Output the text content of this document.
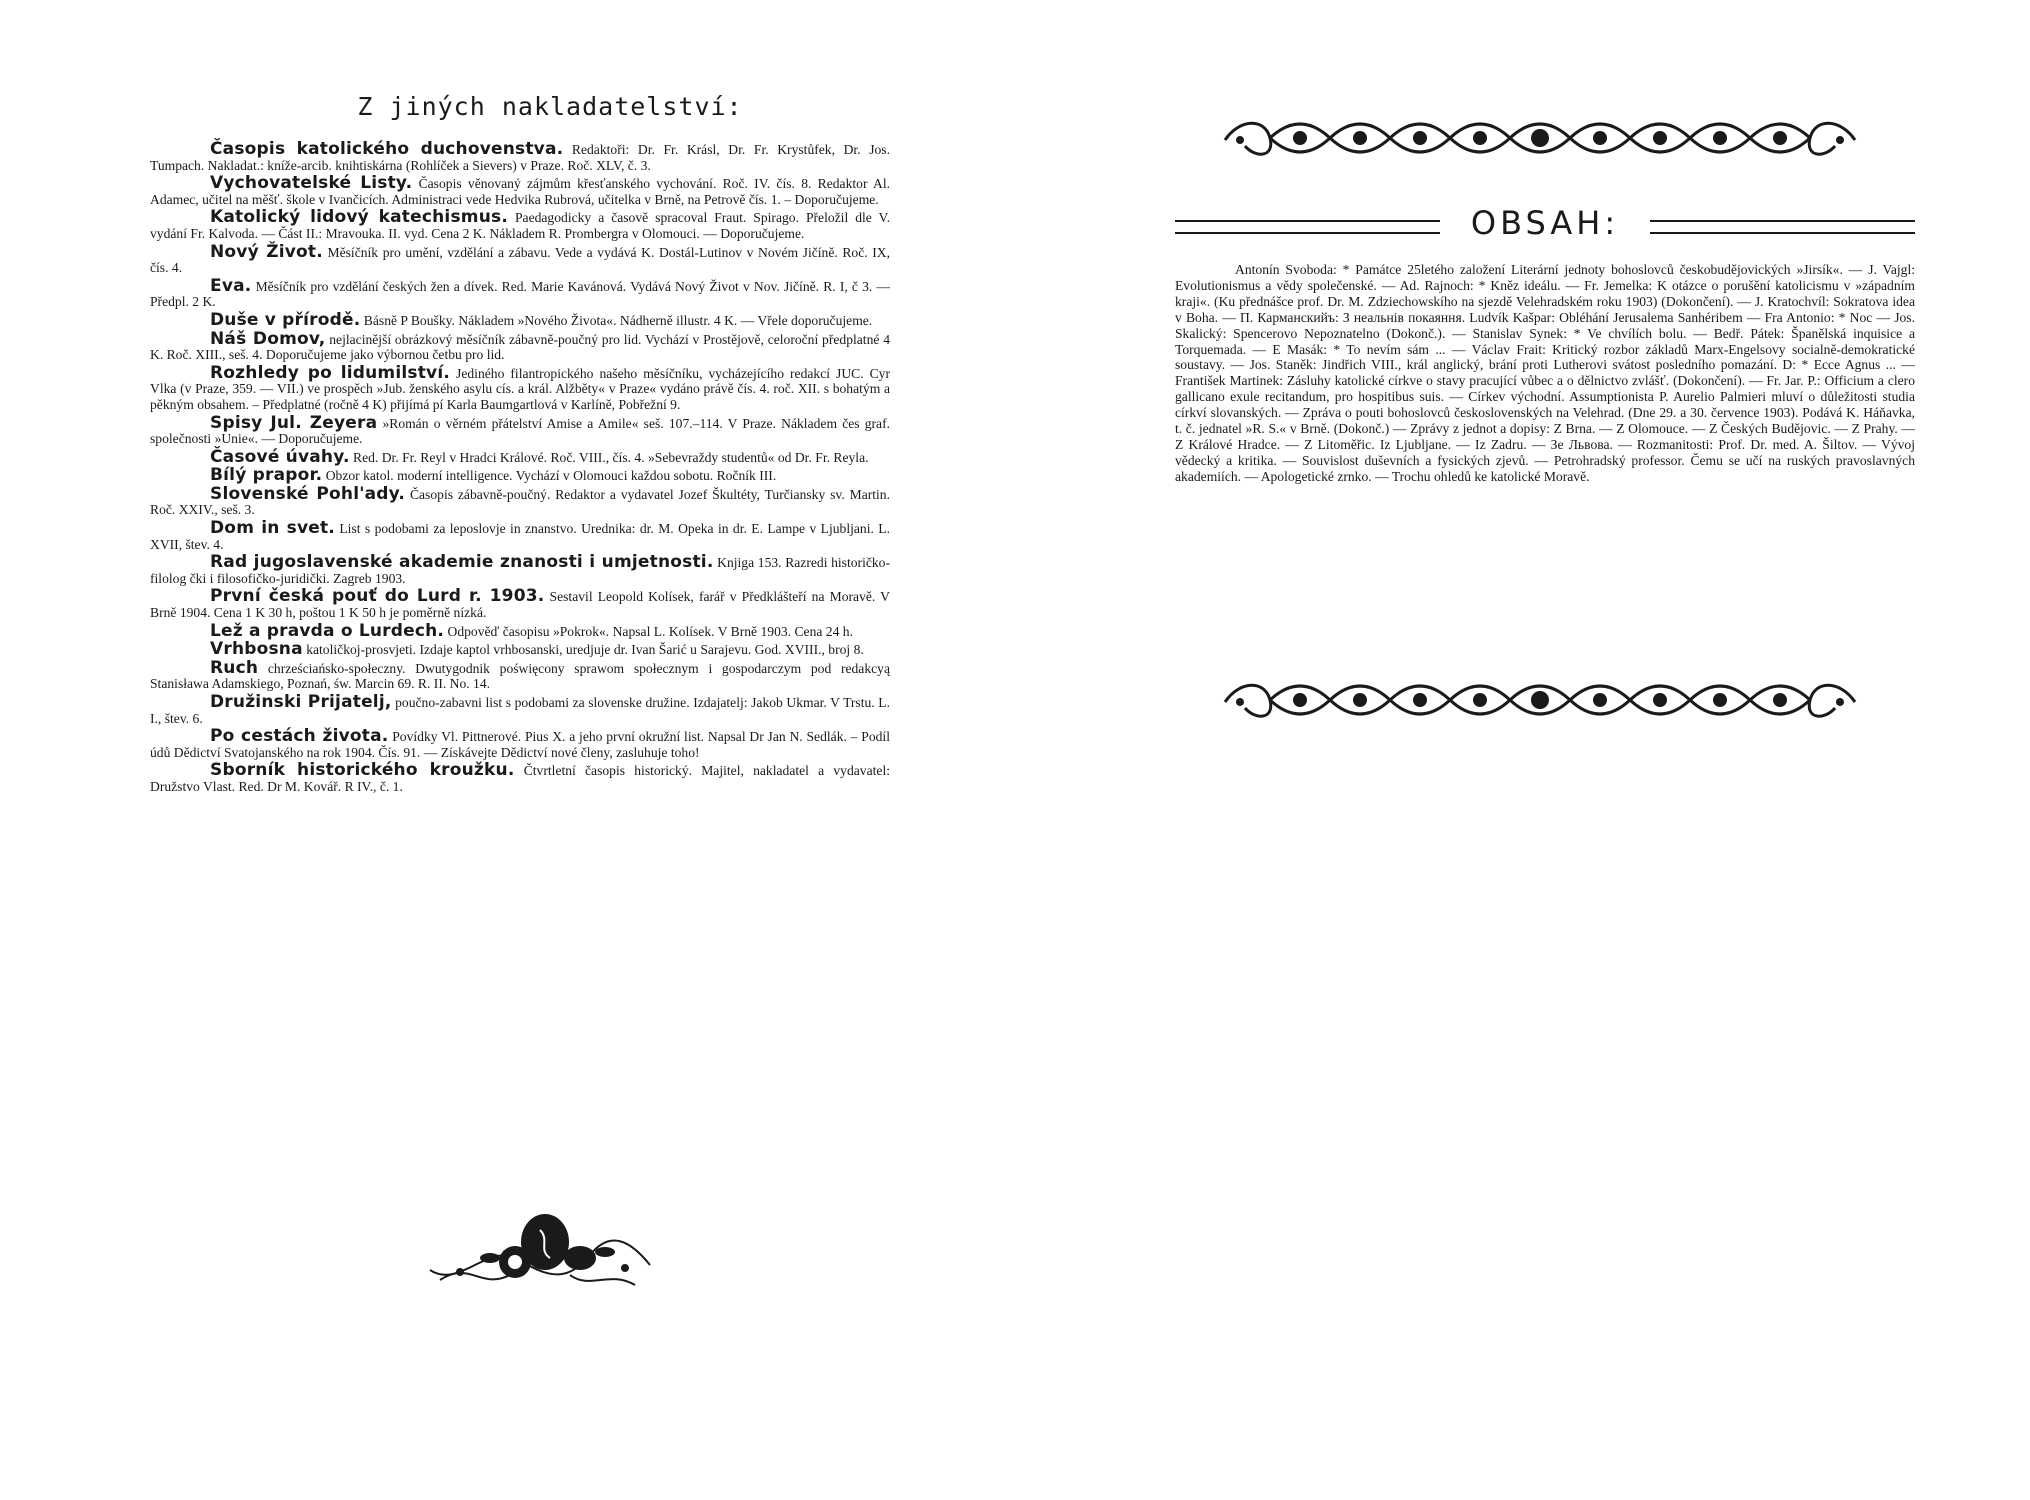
Z jiných nakladatelství:

Časopis katolického duchovenstva. Redaktoři: Dr. Fr. Krásl, Dr. Fr. Krystůfek, Dr. Jos. Tumpach. Nakladat.: kníže-arcib. knihtiskárna (Rohlíček a Sievers) v Praze. Roč. XLV, č. 3.

Vychovatelské Listy. Časopis věnovaný zájmům křesťanského vychování. Roč. IV. čís. 8. Redaktor Al. Adamec, učitel na měšť. škole v Ivančicích. Administraci vede Hedvika Rubrová, učitelka v Brně, na Petrově čís. 1. – Doporučujeme.

Katolický lidový katechismus. Paedagodicky a časově spracoval Fraut. Spirago. Přeložil dle V. vydání Fr. Kalvoda. — Část II.: Mravouka. II. vyd. Cena 2 K. Nákladem R. Prombergra v Olomouci. — Doporučujeme.

Nový Život. Měsíčník pro umění, vzdělání a zábavu. Vede a vydává K. Dostál-Lutinov v Novém Jičíně. Roč. IX, čís. 4.

Eva. Měsíčník pro vzdělání českých žen a dívek. Red. Marie Kavánová. Vydává Nový Život v Nov. Jičíně. R. I, č 3. — Předpl. 2 K.

Duše v přírodě. Básně P Boušky. Nákladem »Nového Života«. Nádherně illustr. 4 K. — Vřele doporučujeme.

Náš Domov, nejlacinější obrázkový měsíčník zábavně-poučný pro lid. Vychází v Prostějově, celoroční předplatné 4 K. Roč. XIII., seš. 4. Doporučujeme jako výbornou četbu pro lid.

Rozhledy po lidumilství. Jediného filantropického našeho měsíčníku, vycházejícího redakcí JUC. Cyr Vlka (v Praze, 359. — VII.) ve prospěch »Jub. ženského asylu cís. a král. Alžběty« v Praze« vydáno právě čís. 4. roč. XII. s bohatým a pěkným obsahem. – Předplatné (ročně 4 K) přijímá pí Karla Baumgartlová v Karlíně, Pobřežní 9.

Spisy Jul. Zeyera »Román o věrném přátelství Amise a Amile« seš. 107.–114. V Praze. Nákladem čes graf. společnosti »Unie«. — Doporučujeme.

Časové úvahy. Red. Dr. Fr. Reyl v Hradci Králové. Roč. VIII., čís. 4. »Sebevraždy studentů« od Dr. Fr. Reyla.

Bílý prapor. Obzor katol. moderní intelligence. Vychází v Olomouci každou sobotu. Ročník III.

Slovenské Pohl'ady. Časopis zábavně-poučný. Redaktor a vydavatel Jozef Škultéty, Turčiansky sv. Martin. Roč. XXIV., seš. 3.

Dom in svet. List s podobami za leposlovje in znanstvo. Urednika: dr. M. Opeka in dr. E. Lampe v Ljubljani. L. XVII, štev. 4.

Rad jugoslavenské akademie znanosti i umjetnosti. Knjiga 153. Razredi historičko-filolog čki i filosofičko-juridički. Zagreb 1903.

První česká pouť do Lurd r. 1903. Sestavil Leopold Kolísek, farář v Předklášteří na Moravě. V Brně 1904. Cena 1 K 30 h, poštou 1 K 50 h je poměrně nízká.

Lež a pravda o Lurdech. Odpověď časopisu »Pokrok«. Napsal L. Kolísek. V Brně 1903. Cena 24 h.

Vrhbosna katoličkoj-prosvjeti. Izdaje kaptol vrhbosanski, uredjuje dr. Ivan Šarić u Sarajevu. God. XVIII., broj 8.

Ruch chrześciańsko-społeczny. Dwutygodnik poświęcony sprawom społecznym i gospodarczym pod redakcyą Stanisława Adamskiego, Poznań, św. Marcin 69. R. II. No. 14.

Družinski Prijatelj, poučno-zabavni list s podobami za slovenske družine. Izdajatelj: Jakob Ukmar. V Trstu. L. I., štev. 6.

Po cestách života. Povídky Vl. Pittnerové. Pius X. a jeho první okružní list. Napsal Dr Jan N. Sedlák. – Podíl údů Dědictví Svatojanského na rok 1904. Čís. 91. — Získávejte Dědictví nové členy, zasluhuje toho!

Sborník historického kroužku. Čtvrtletní časopis historický. Majitel, nakladatel a vydavatel: Družstvo Vlast. Red. Dr M. Kovář. R IV., č. 1.

OBSAH:
Antonín Svoboda: * Památce 25letého založení Literární jednoty bohoslovců českobudějovických »Jirsík«. — J. Vajgl: Evolutionismus a vědy společenské. — Ad. Rajnoch: * Kněz ideálu. — Fr. Jemelka: K otázce o porušění katolicismu v »západním kraji«. (Ku přednášce prof. Dr. M. Zdziechowskího na sjezdě Velehradském roku 1903) (Dokončení). — J. Kratochvíl: Sokratova idea v Boha. — П. Карманскийъ: З неальнів покаяння. Ludvík Kašpar: Obléhání Jerusalema Sanhéribem — Fra Antonio: * Noc — Jos. Skalický: Spencerovo Nepoznatelno (Dokonč.). — Stanislav Synek: * Ve chvílích bolu. — Bedř. Pátek: Španělská inquisice a Torquemada. — E Masák: * To nevím sám ... — Václav Frait: Kritický rozbor základů Marx-Engelsovy socialně-demokratické soustavy. — Jos. Staněk: Jindřich VIII., král anglický, brání proti Lutherovi svátost posledního pomazání. D: * Ecce Agnus ... — František Martinek: Zásluhy katolické církve o stavy pracující vůbec a o dělnictvo zvlášť. (Dokončení). — Fr. Jar. P.: Officium a clero gallicano exule recitandum, pro hospitibus suis. — Církev východní. Assumptionista P. Aurelio Palmieri mluví o důležitosti studia církví slovanských. — Zpráva o pouti bohoslovců československých na Velehrad. (Dne 29. a 30. července 1903). Podává K. Háňavka, t. č. jednatel »R. S.« v Brně. (Dokonč.) — Zprávy z jednot a dopisy: Z Brna. — Z Olomouce. — Z Českých Budějovic. — Z Prahy. — Z Králové Hradce. — Z Litoměřic. Iz Ljubljane. — Iz Zadru. — Зе Львова. — Rozmanitosti: Prof. Dr. med. A. Šiltov. — Vývoj vědecký a kritika. — Souvislost duševních a fysických zjevů. — Petrohradský professor. Čemu se učí na ruských pravoslavných akademiích. — Apologetické zrnko. — Trochu ohledů ke katolické Moravě.
